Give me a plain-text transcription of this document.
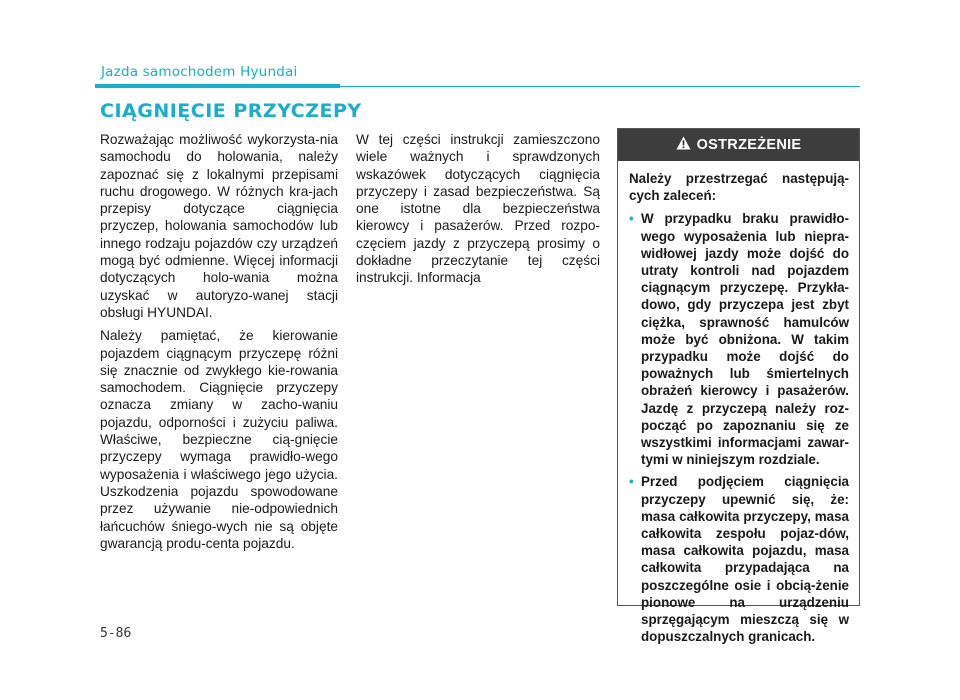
Jazda samochodem Hyundai
CIĄGNIĘCIE PRZYCZEPY

Rozważając możliwość wykorzysta-nia samochodu do holowania, należy zapoznać się z lokalnymi przepisami ruchu drogowego. W różnych kra-jach przepisy dotyczące ciągnięcia przyczep, holowania samochodów lub innego rodzaju pojazdów czy urządzeń mogą być odmienne. Więcej informacji dotyczących holo-wania można uzyskać w autoryzo-wanej stacji obsługi HYUNDAI.

Należy pamiętać, że kierowanie pojazdem ciągnącym przyczepę różni się znacznie od zwykłego kie-rowania samochodem. Ciągnięcie przyczepy oznacza zmiany w zacho-waniu pojazdu, odporności i zużyciu paliwa. Właściwe, bezpieczne cią-gnięcie przyczepy wymaga prawidło-wego wyposażenia i właściwego jego użycia. Uszkodzenia pojazdu spowodowane przez używanie nie-odpowiednich łańcuchów śniego-wych nie są objęte gwarancją produ-centa pojazdu.

W tej części instrukcji zamieszczono wiele ważnych i sprawdzonych wskazówek dotyczących ciągnięcia przyczepy i zasad bezpieczeństwa. Są one istotne dla bezpieczeństwa kierowcy i pasażerów. Przed rozpo-częciem jazdy z przyczepą prosimy o dokładne przeczytanie tej części instrukcji. Informacja

OSTRZEŻENIE

Należy przestrzegać następują-cych zaleceń:

• W przypadku braku prawidło-wego wyposażenia lub niepra-widłowej jazdy może dojść do utraty kontroli nad pojazdem ciągnącym przyczepę. Przykła-dowo, gdy przyczepa jest zbyt ciężka, sprawność hamulców może być obniżona. W takim przypadku może dojść do poważnych lub śmiertelnych obrażeń kierowcy i pasażerów. Jazdę z przyczepą należy roz-począć po zapoznaniu się ze wszystkimi informacjami zawar-tymi w niniejszym rozdziale.
• Przed podjęciem ciągnięcia przyczepy upewnić się, że: masa całkowita przyczepy, masa całkowita zespołu pojaz-dów, masa całkowita pojazdu, masa całkowita przypadająca na poszczególne osie i obcią-żenie pionowe na urządzeniu sprzęgającym mieszczą się w dopuszczalnych granicach.
5-86
